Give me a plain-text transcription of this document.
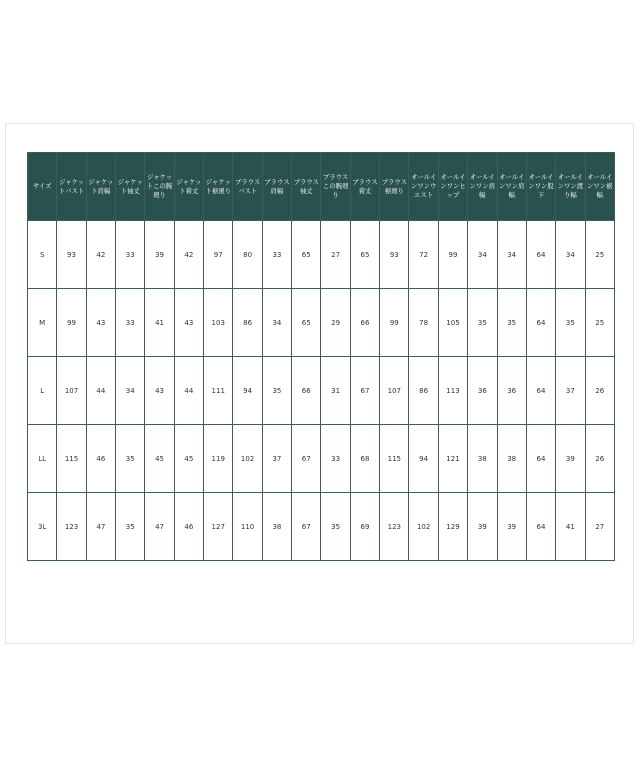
サイズ	ジャケットバスト	ジャケット肩幅	ジャケット袖丈	ジャケットこの腕廻り	ジャケット着丈	ジャケット裾廻り	ブラウスバスト	ブラウス肩幅	ブラウス袖丈	ブラウスこの腕廻り	ブラウス着丈	ブラウス裾廻り	オールインワンウエスト	オールインワンヒップ	オールインワン肩幅	オールインワン肩幅	オールインワン股下	オールインワン渡り幅	オールインワン裾幅
S	93	42	33	39	42	97	80	33	65	27	65	93	72	99	34	34	64	34	25
M	99	43	33	41	43	103	86	34	65	29	66	99	78	105	35	35	64	35	25
L	107	44	34	43	44	111	94	35	66	31	67	107	86	113	36	36	64	37	26
LL	115	46	35	45	45	119	102	37	67	33	68	115	94	121	38	38	64	39	26
3L	123	47	35	47	46	127	110	38	67	35	69	123	102	129	39	39	64	41	27
